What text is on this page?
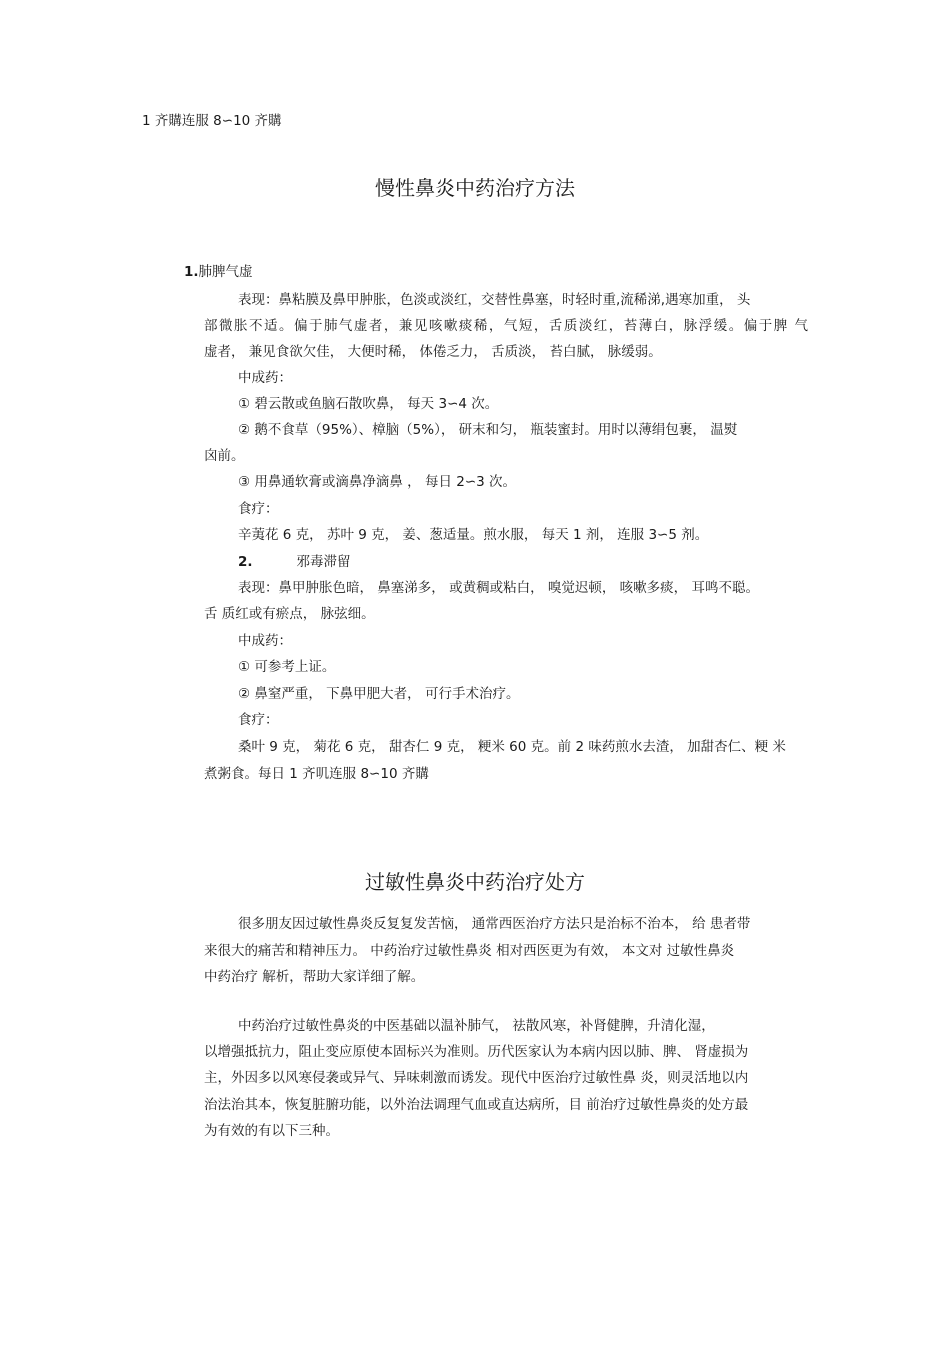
1 齐購连服 8∽10 齐購
慢性鼻炎中药治疗方法
1.肺脾气虚
表现：鼻粘膜及鼻甲肿胀，色淡或淡红，交替性鼻塞，时轻时重,流稀涕,遇寒加重， 头
部微胀不适。偏于肺气虚者，兼见咳嗽痰稀，气短，舌质淡红，苔薄白，脉浮缓。偏于脾 气
虚者， 兼见食欲欠佳， 大便时稀， 体倦乏力， 舌质淡， 苔白腻， 脉缓弱。
中成药：
① 碧云散或鱼脑石散吹鼻， 每天 3∽4 次。
② 鹅不食草（95%）、樟脑（5%）， 研末和匀， 瓶装蜜封。用时以薄绢包裹， 温熨
囟前。
③ 用鼻通软膏或滴鼻净滴鼻 ， 每日 2∽3 次。
食疗：
辛荑花 6 克， 苏叶 9 克， 姜、葱适量。煎水服， 每天 1 剂， 连服 3∽5 剂。
2.	邪毒滞留
表现：鼻甲肿胀色暗， 鼻塞涕多， 或黄稠或粘白， 嗅觉迟顿， 咳嗽多痰， 耳鸣不聪。
舌 质红或有瘀点， 脉弦细。
中成药：
① 可参考上证。
② 鼻窒严重， 下鼻甲肥大者， 可行手术治疗。
食疗：
桑叶 9 克， 菊花 6 克， 甜杏仁 9 克， 粳米 60 克。前 2 味药煎水去渣， 加甜杏仁、粳 米
煮粥食。每日 1 齐叽连服 8∽10 齐購
过敏性鼻炎中药治疗处方
很多朋友因过敏性鼻炎反复复发苦恼， 通常西医治疗方法只是治标不治本， 给 患者带
来很大的痛苦和精神压力。 中药治疗过敏性鼻炎 相对西医更为有效， 本文对 过敏性鼻炎
中药治疗 解析，帮助大家详细了解。
中药治疗过敏性鼻炎的中医基础以温补肺气， 祛散风寒，补肾健脾，升清化湿，
以增强抵抗力，阻止变应原使本固标兴为准则。历代医家认为本病内因以肺、脾、 肾虚损为
主，外因多以风寒侵袭或异气、异味刺激而诱发。现代中医治疗过敏性鼻 炎，则灵活地以内
治法治其本，恢复脏腑功能，以外治法调理气血或直达病所，目 前治疗过敏性鼻炎的处方最
为有效的有以下三种。
